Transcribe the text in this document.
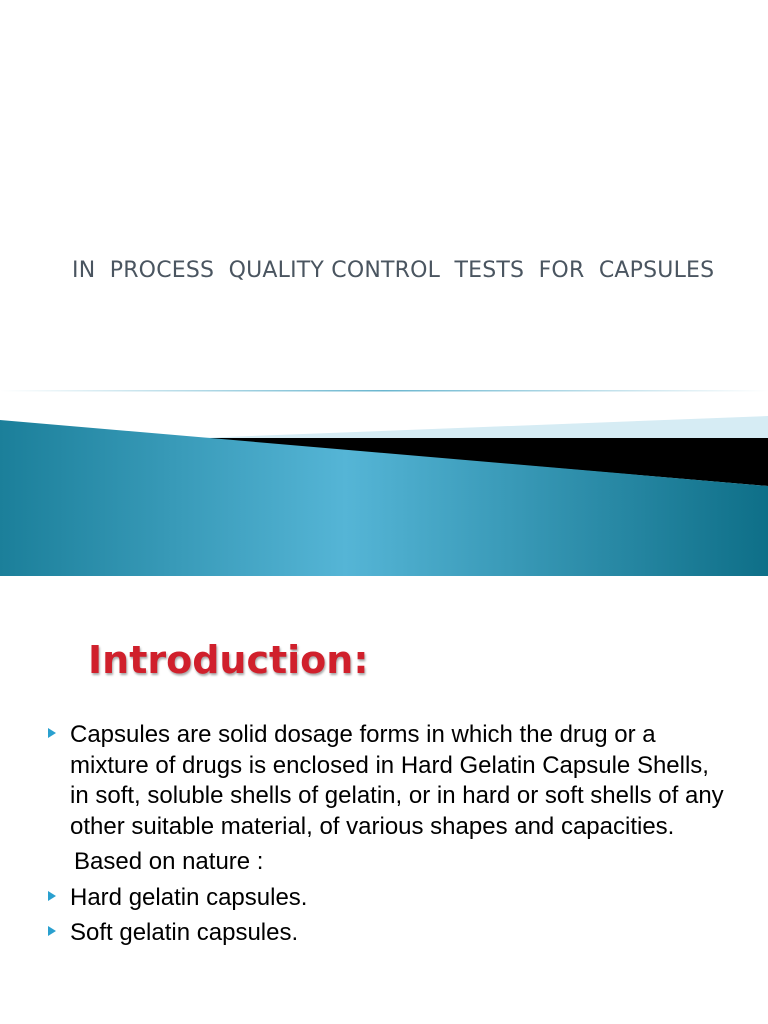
IN  PROCESS  QUALITY CONTROL  TESTS  FOR  CAPSULES
Introduction:
Capsules are solid dosage forms in which the drug or a mixture of drugs is enclosed in Hard Gelatin Capsule Shells, in soft, soluble shells of gelatin, or in hard or soft shells of any other suitable material, of various shapes and capacities.
Based on nature :
Hard gelatin capsules.
Soft gelatin capsules.
